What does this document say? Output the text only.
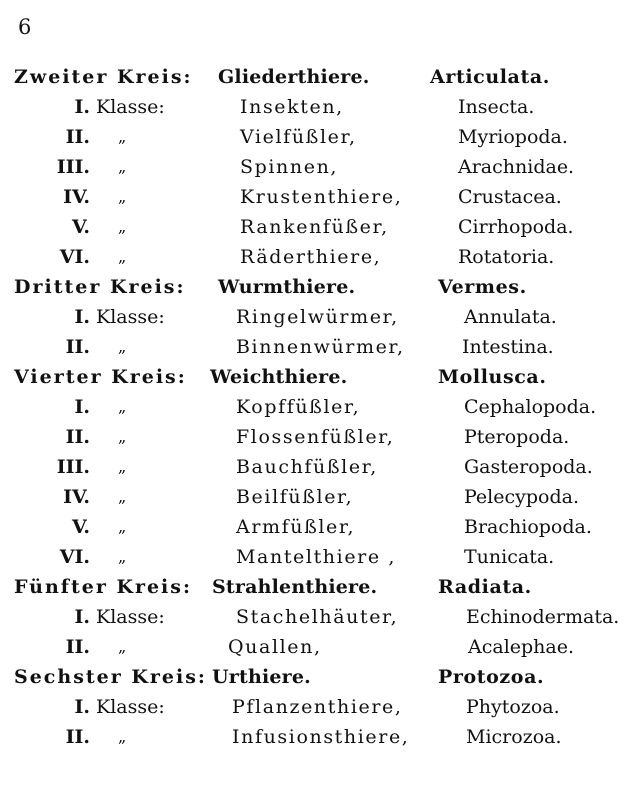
6
Zweiter Kreis: Gliederthiere.	Articulata.
I. Klasse:	Insekten,	Insecta.
II. „	Vielfüßler,	Myriopoda.
III. „	Spinnen,	Arachnidae.
IV. „	Krustenthiere,	Crustacea.
V. „	Rankenfüßer,	Cirrhopoda.
VI. „	Räderthiere,	Rotatoria.
Dritter Kreis: Wurmthiere.	Vermes.
I. Klasse:	Ringelwürmer,	Annulata.
II. „	Binnenwürmer,	Intestina.
Vierter Kreis: Weichthiere.	Mollusca.
I. „	Kopffüßler,	Cephalopoda.
II. „	Flossenfüßler,	Pteropoda.
III. „	Bauchfüßler,	Gasteropoda.
IV. „	Beilfüßler,	Pelecypoda.
V. „	Armfüßler,	Brachiopoda.
VI. „	Mantelthiere ,	Tunicata.
Fünfter Kreis: Strahlenthiere.	Radiata.
I. Klasse:	Stachelhäuter,	Echinodermata.
II. „	Quallen,	Acalephae.
Sechster Kreis: Urthiere.	Protozoa.
I. Klasse:	Pflanzenthiere,	Phytozoa.
II. „	Infusionsthiere,	Microzoa.
